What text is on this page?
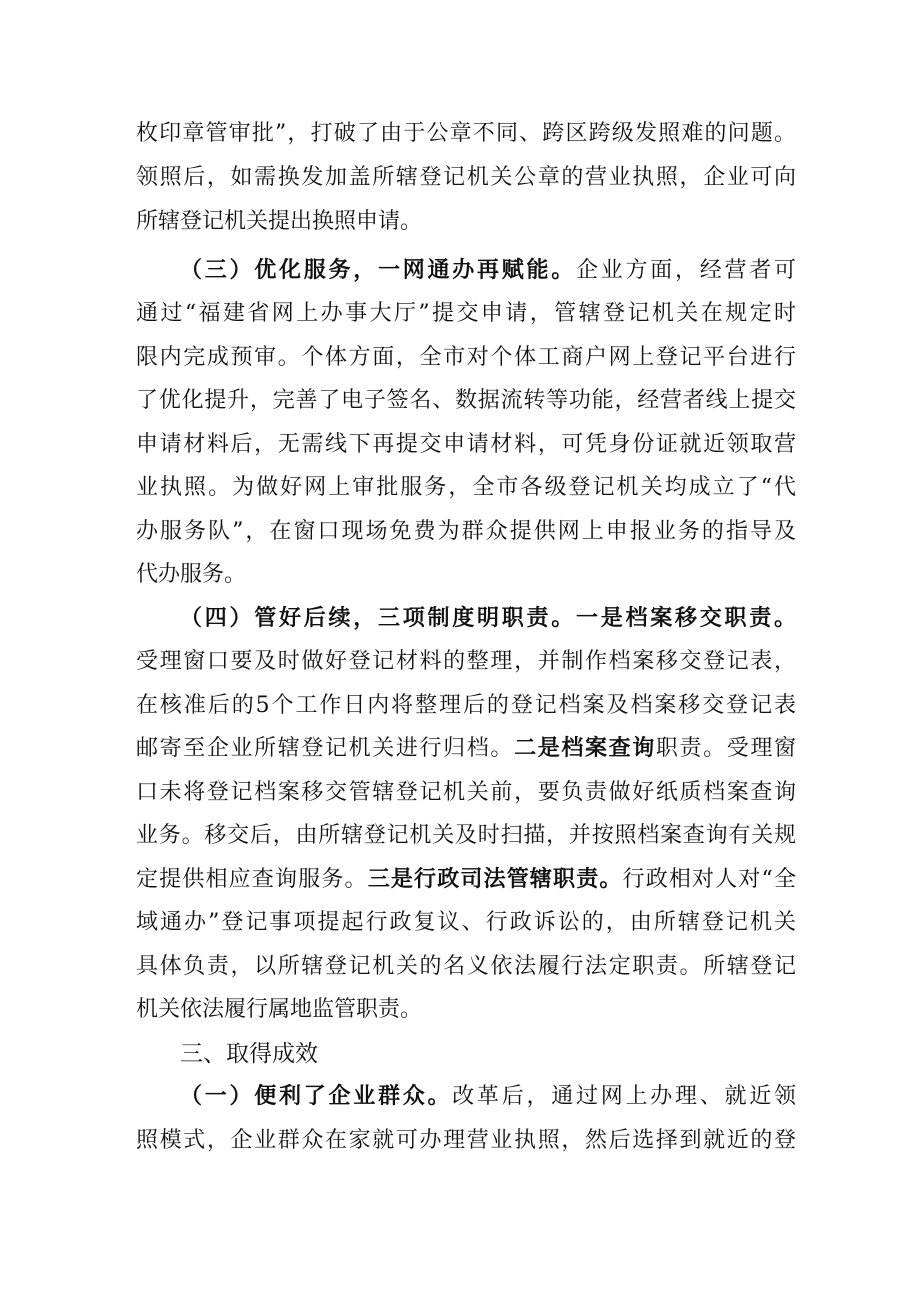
枚印章管审批”，打破了由于公章不同、跨区跨级发照难的问题。
领照后，如需换发加盖所辖登记机关公章的营业执照，企业可向
所辖登记机关提出换照申请。
（三）优化服务，一网通办再赋能。企业方面，经营者可
通过“福建省网上办事大厅”提交申请，管辖登记机关在规定时
限内完成预审。个体方面，全市对个体工商户网上登记平台进行
了优化提升，完善了电子签名、数据流转等功能，经营者线上提交
申请材料后，无需线下再提交申请材料，可凭身份证就近领取营
业执照。为做好网上审批服务，全市各级登记机关均成立了“代
办服务队”，在窗口现场免费为群众提供网上申报业务的指导及
代办服务。
（四）管好后续，三项制度明职责。一是档案移交职责。
受理窗口要及时做好登记材料的整理，并制作档案移交登记表，
在核准后的5个工作日内将整理后的登记档案及档案移交登记表
邮寄至企业所辖登记机关进行归档。二是档案查询职责。受理窗
口未将登记档案移交管辖登记机关前，要负责做好纸质档案查询
业务。移交后，由所辖登记机关及时扫描，并按照档案查询有关规
定提供相应查询服务。三是行政司法管辖职责。行政相对人对“全
域通办”登记事项提起行政复议、行政诉讼的，由所辖登记机关
具体负责，以所辖登记机关的名义依法履行法定职责。所辖登记
机关依法履行属地监管职责。
三、取得成效
（一）便利了企业群众。改革后，通过网上办理、就近领
照模式，企业群众在家就可办理营业执照，然后选择到就近的登
